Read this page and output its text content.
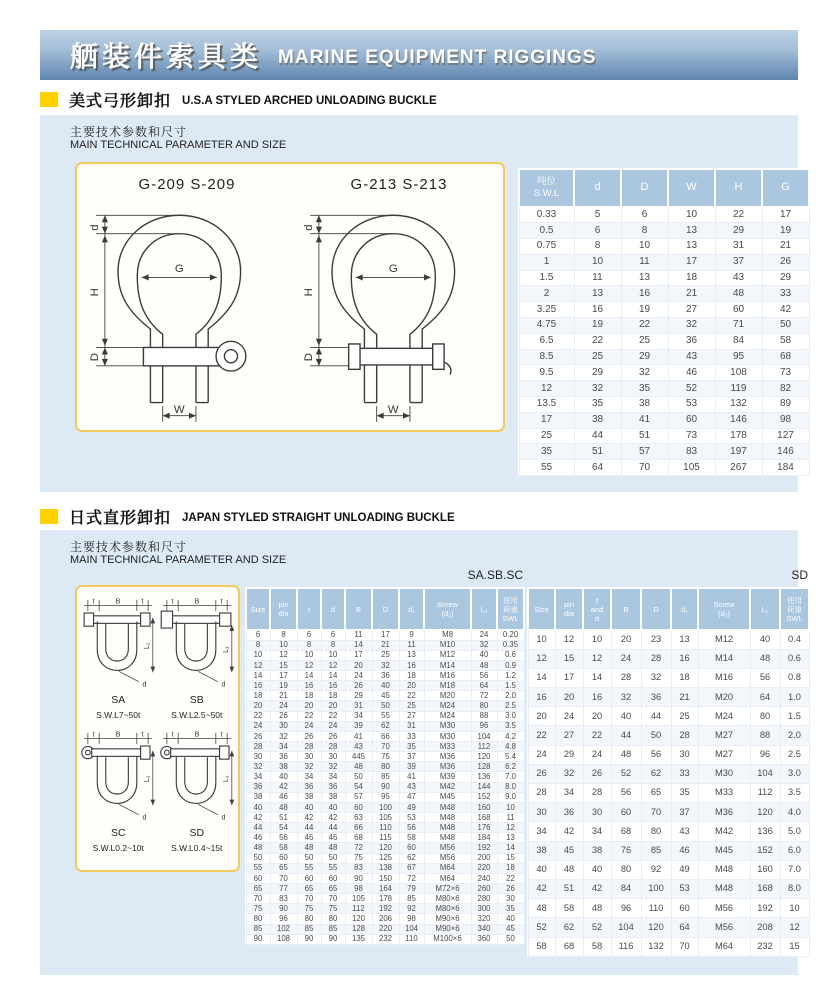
舾装件索具类 MARINE EQUIPMENT RIGGINGS
美式弓形卸扣 U.S.A STYLED ARCHED UNLOADING BUCKLE
主要技术参数和尺寸
MAIN TECHNICAL PARAMETER AND SIZE
G-209 S-209	G-213 S-213
d
H
D
G
W
d
H
D
G
W
吨位
S.W.L	d	D	W	H	G
0.33	5	6	10	22	17
0.5	6	8	13	29	19
0.75	8	10	13	31	21
1	10	11	17	37	26
1.5	11	13	18	43	29
2	13	16	21	48	33
3.25	16	19	27	60	42
4.75	19	22	32	71	50
6.5	22	25	36	84	58
8.5	25	29	43	95	68
9.5	29	32	46	108	73
12	32	35	52	119	82
13.5	35	38	53	132	89
17	38	41	60	146	98
25	44	51	73	178	127
35	51	57	83	197	146
55	64	70	105	267	184
日式直形卸扣 JAPAN STYLED STRAIGHT UNLOADING BUCKLE
主要技术参数和尺寸
MAIN TECHNICAL PARAMETER AND SIZE
SA.SB.SC	SD
t	B	t
L₁
d
SA
S.W.L7~50t
t	B	t
L₁
d
SB
S.W.L2.5~50t
t	B	t
L₁
d
SC
S.W.L0.2~10t
t	B	t
L₁
d
SD
S.W.L0.4~15t
Size	pin
dia	t	d	B	D	d₁	Screw
(d₂)	L₁	使用
荷重
SWL
6	8	6	6	11	17	9	M8	24	0.20
8	10	8	8	14	21	11	M10	32	0.35
10	12	10	10	17	25	13	M12	40	0.6
12	15	12	12	20	32	16	M14	48	0.9
14	17	14	14	24	36	18	M16	56	1.2
16	19	16	16	26	40	20	M18	64	1.5
18	21	18	18	29	45	22	M20	72	2.0
20	24	20	20	31	50	25	M24	80	2.5
22	26	22	22	34	55	27	M24	88	3.0
24	30	24	24	39	62	31	M30	96	3.5
26	32	26	26	41	66	33	M30	104	4.2
28	34	28	28	43	70	35	M33	112	4.8
30	36	30	30	445	75	37	M36	120	5.4
32	38	32	32	48	80	39	M36	128	6.2
34	40	34	34	50	85	41	M39	136	7.0
36	42	36	36	54	90	43	M42	144	8.0
38	46	38	38	57	95	47	M45	152	9.0
40	48	40	40	60	100	49	M48	160	10
42	51	42	42	63	105	53	M48	168	11
44	54	44	44	66	110	56	M48	176	12
46	56	46	46	68	115	58	M48	184	13
48	58	48	48	72	120	60	M56	192	14
50	60	50	50	75	125	62	M56	200	15
55	65	55	55	83	138	67	M64	220	18
60	70	60	60	90	150	72	M64	240	22
65	77	65	65	98	164	79	M72×6	260	26
70	83	70	70	105	178	85	M80×6	280	30
75	90	75	75	112	192	92	M80×6	300	35
80	96	80	80	120	206	98	M90×6	320	40
85	102	85	85	128	220	104	M90×6	340	45
90	108	90	90	135	232	110	M100×6	360	50
Size	pin
dia	t
and
d	B	D	d₁	Screw
(d₂)	L₁	使用
荷重
SWL
10	12	10	20	23	13	M12	40	0.4
12	15	12	24	28	16	M14	48	0.6
14	17	14	28	32	18	M16	56	0.8
16	20	16	32	36	21	M20	64	1.0
20	24	20	40	44	25	M24	80	1.5
22	27	22	44	50	28	M27	88	2.0
24	29	24	48	56	30	M27	96	2.5
26	32	26	52	62	33	M30	104	3.0
28	34	28	56	65	35	M33	112	3.5
30	36	30	60	70	37	M36	120	4.0
34	42	34	68	80	43	M42	136	5.0
38	45	38	76	85	46	M45	152	6.0
40	48	40	80	92	49	M48	160	7.0
42	51	42	84	100	53	M48	168	8.0
48	58	48	96	110	60	M56	192	10
52	62	52	104	120	64	M56	208	12
58	68	58	116	132	70	M64	232	15
